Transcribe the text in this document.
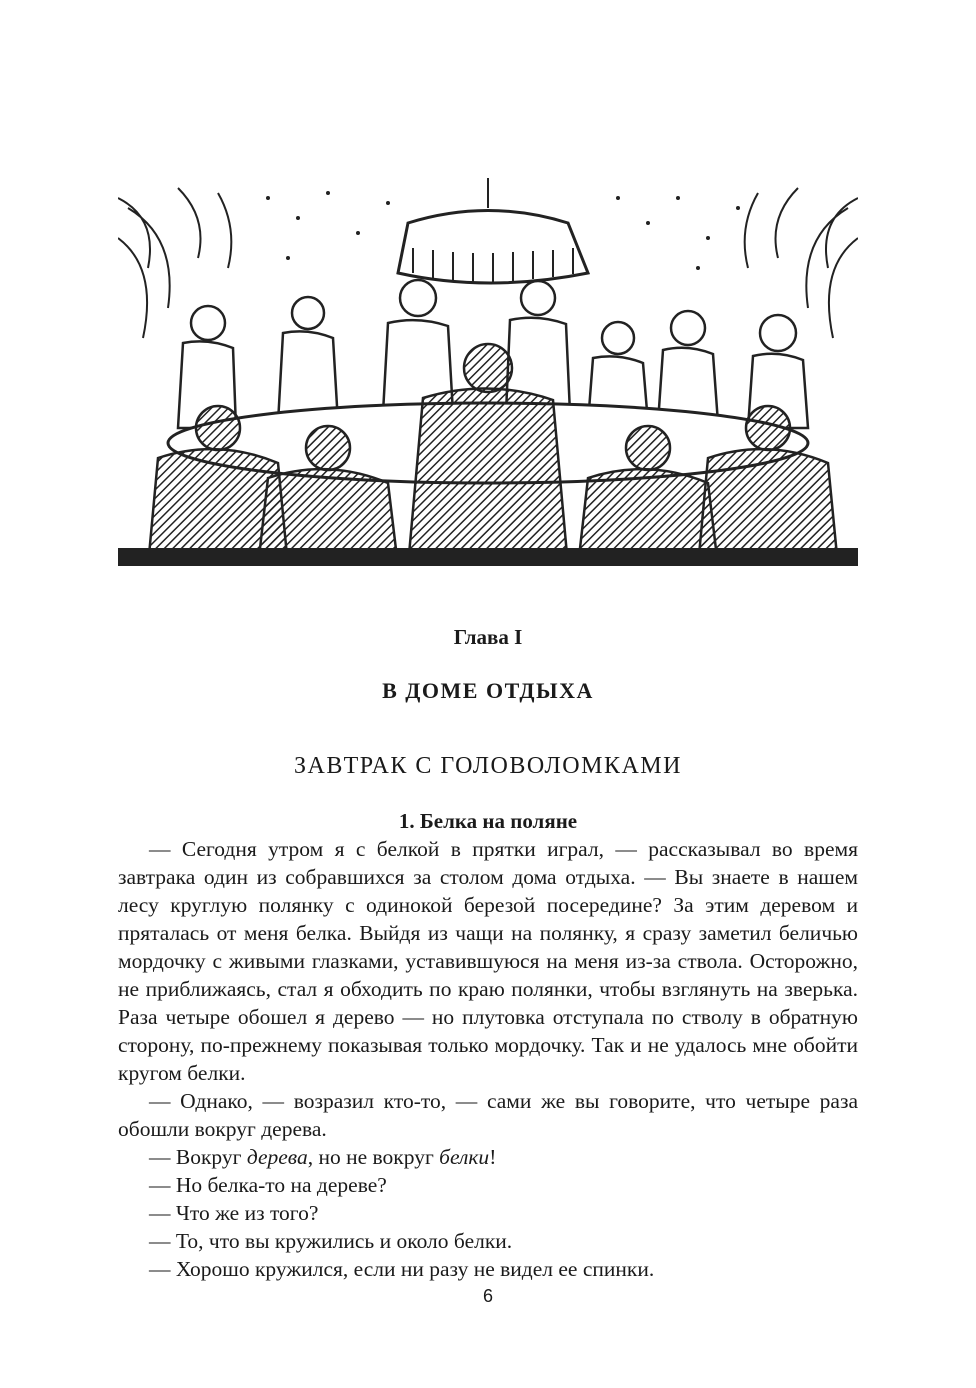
Глава I
В ДОМЕ ОТДЫХА
ЗАВТРАК С ГОЛОВОЛОМКАМИ
1. Белка на поляне

— Сегодня утром я с белкой в прятки играл, — рассказывал во время завтрака один из собравшихся за столом дома отдыха. — Вы знаете в нашем лесу круглую полянку с одинокой березой посередине? За этим деревом и пряталась от меня белка. Выйдя из чащи на полянку, я сразу заметил беличью мордочку с живыми глазками, уставившуюся на меня из-за ствола. Осторожно, не приближаясь, стал я обходить по краю полянки, чтобы взглянуть на зверька. Раза четыре обошел я дерево — но плутовка отступала по стволу в обратную сторону, по-прежнему показывая только мордочку. Так и не удалось мне обойти кругом белки.

— Однако, — возразил кто-то, — сами же вы говорите, что четыре раза обошли вокруг дерева.

— Вокруг дерева, но не вокруг белки!

— Но белка-то на дереве?

— Что же из того?

— То, что вы кружились и около белки.

— Хорошо кружился, если ни разу не видел ее спинки.

6
